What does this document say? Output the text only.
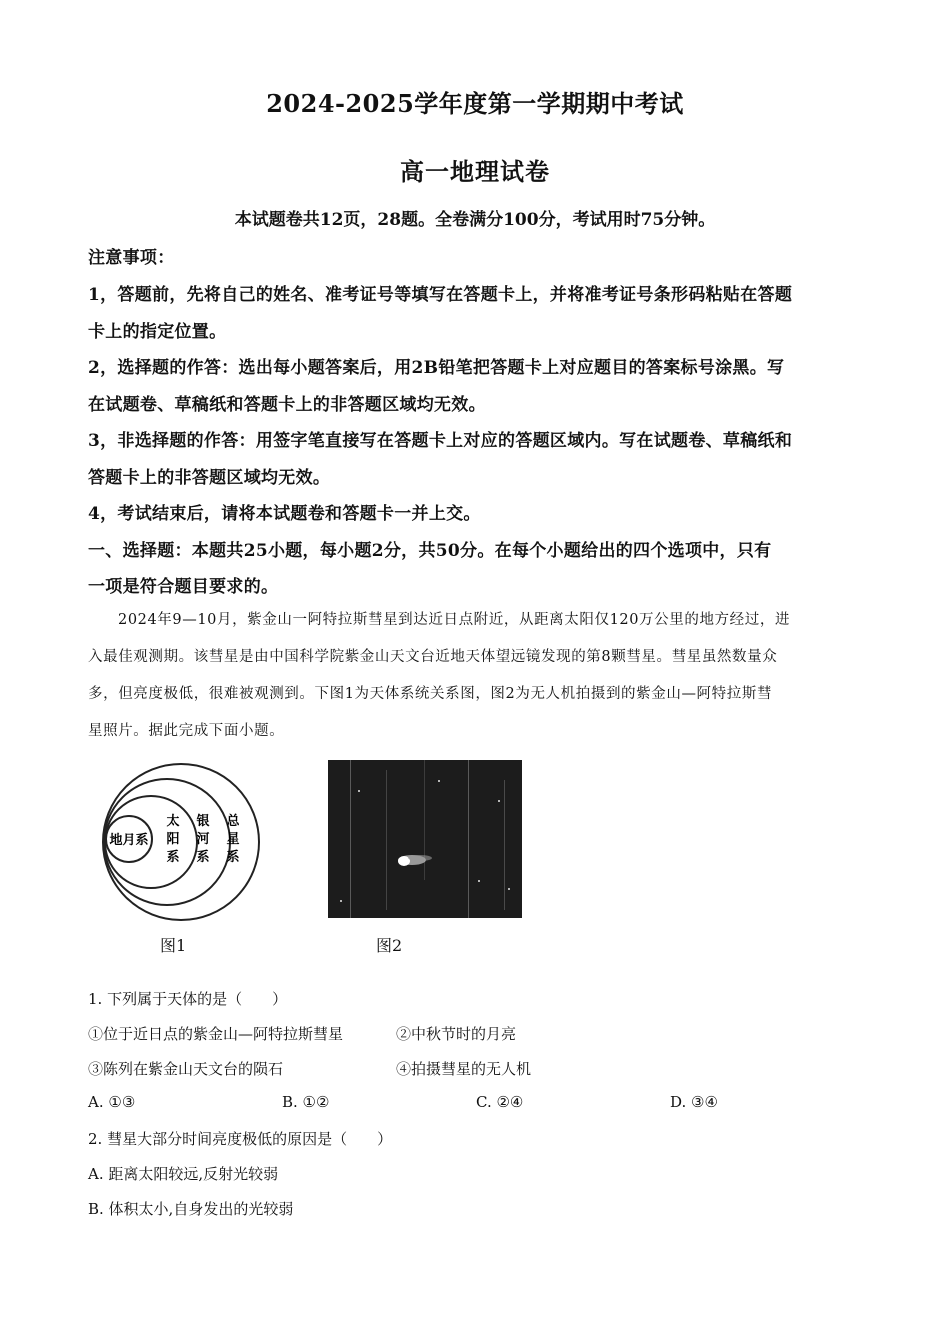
2024-2025学年度第一学期期中考试
高一地理试卷
本试题卷共12页，28题。全卷满分100分，考试用时75分钟。
注意事项：
1，答题前，先将自己的姓名、准考证号等填写在答题卡上，并将准考证号条形码粘贴在答题
卡上的指定位置。
2，选择题的作答：选出每小题答案后，用2B铅笔把答题卡上对应题目的答案标号涂黑。写
在试题卷、草稿纸和答题卡上的非答题区域均无效。
3，非选择题的作答：用签字笔直接写在答题卡上对应的答题区域内。写在试题卷、草稿纸和
答题卡上的非答题区域均无效。
4，考试结束后，请将本试题卷和答题卡一并上交。
一、选择题：本题共25小题，每小题2分，共50分。在每个小题给出的四个选项中，只有
一项是符合题目要求的。
2024年9—10月，紫金山一阿特拉斯彗星到达近日点附近，从距离太阳仅120万公里的地方经过，进
入最佳观测期。该彗星是由中国科学院紫金山天文台近地天体望远镜发现的第8颗彗星。彗星虽然数量众
多，但亮度极低，很难被观测到。下图1为天体系统关系图，图2为无人机拍摄到的紫金山—阿特拉斯彗
星照片。据此完成下面小题。
地月系
太
阳
系
银
河
系
总
星
系
图1	图2
1. 下列属于天体的是（　　）
①位于近日点的紫金山—阿特拉斯彗星	②中秋节时的月亮
③陈列在紫金山天文台的陨石	④拍摄彗星的无人机
A. ①③	B. ①②	C. ②④	D. ③④
2. 彗星大部分时间亮度极低的原因是（　　）
A. 距离太阳较远,反射光较弱
B. 体积太小,自身发出的光较弱
